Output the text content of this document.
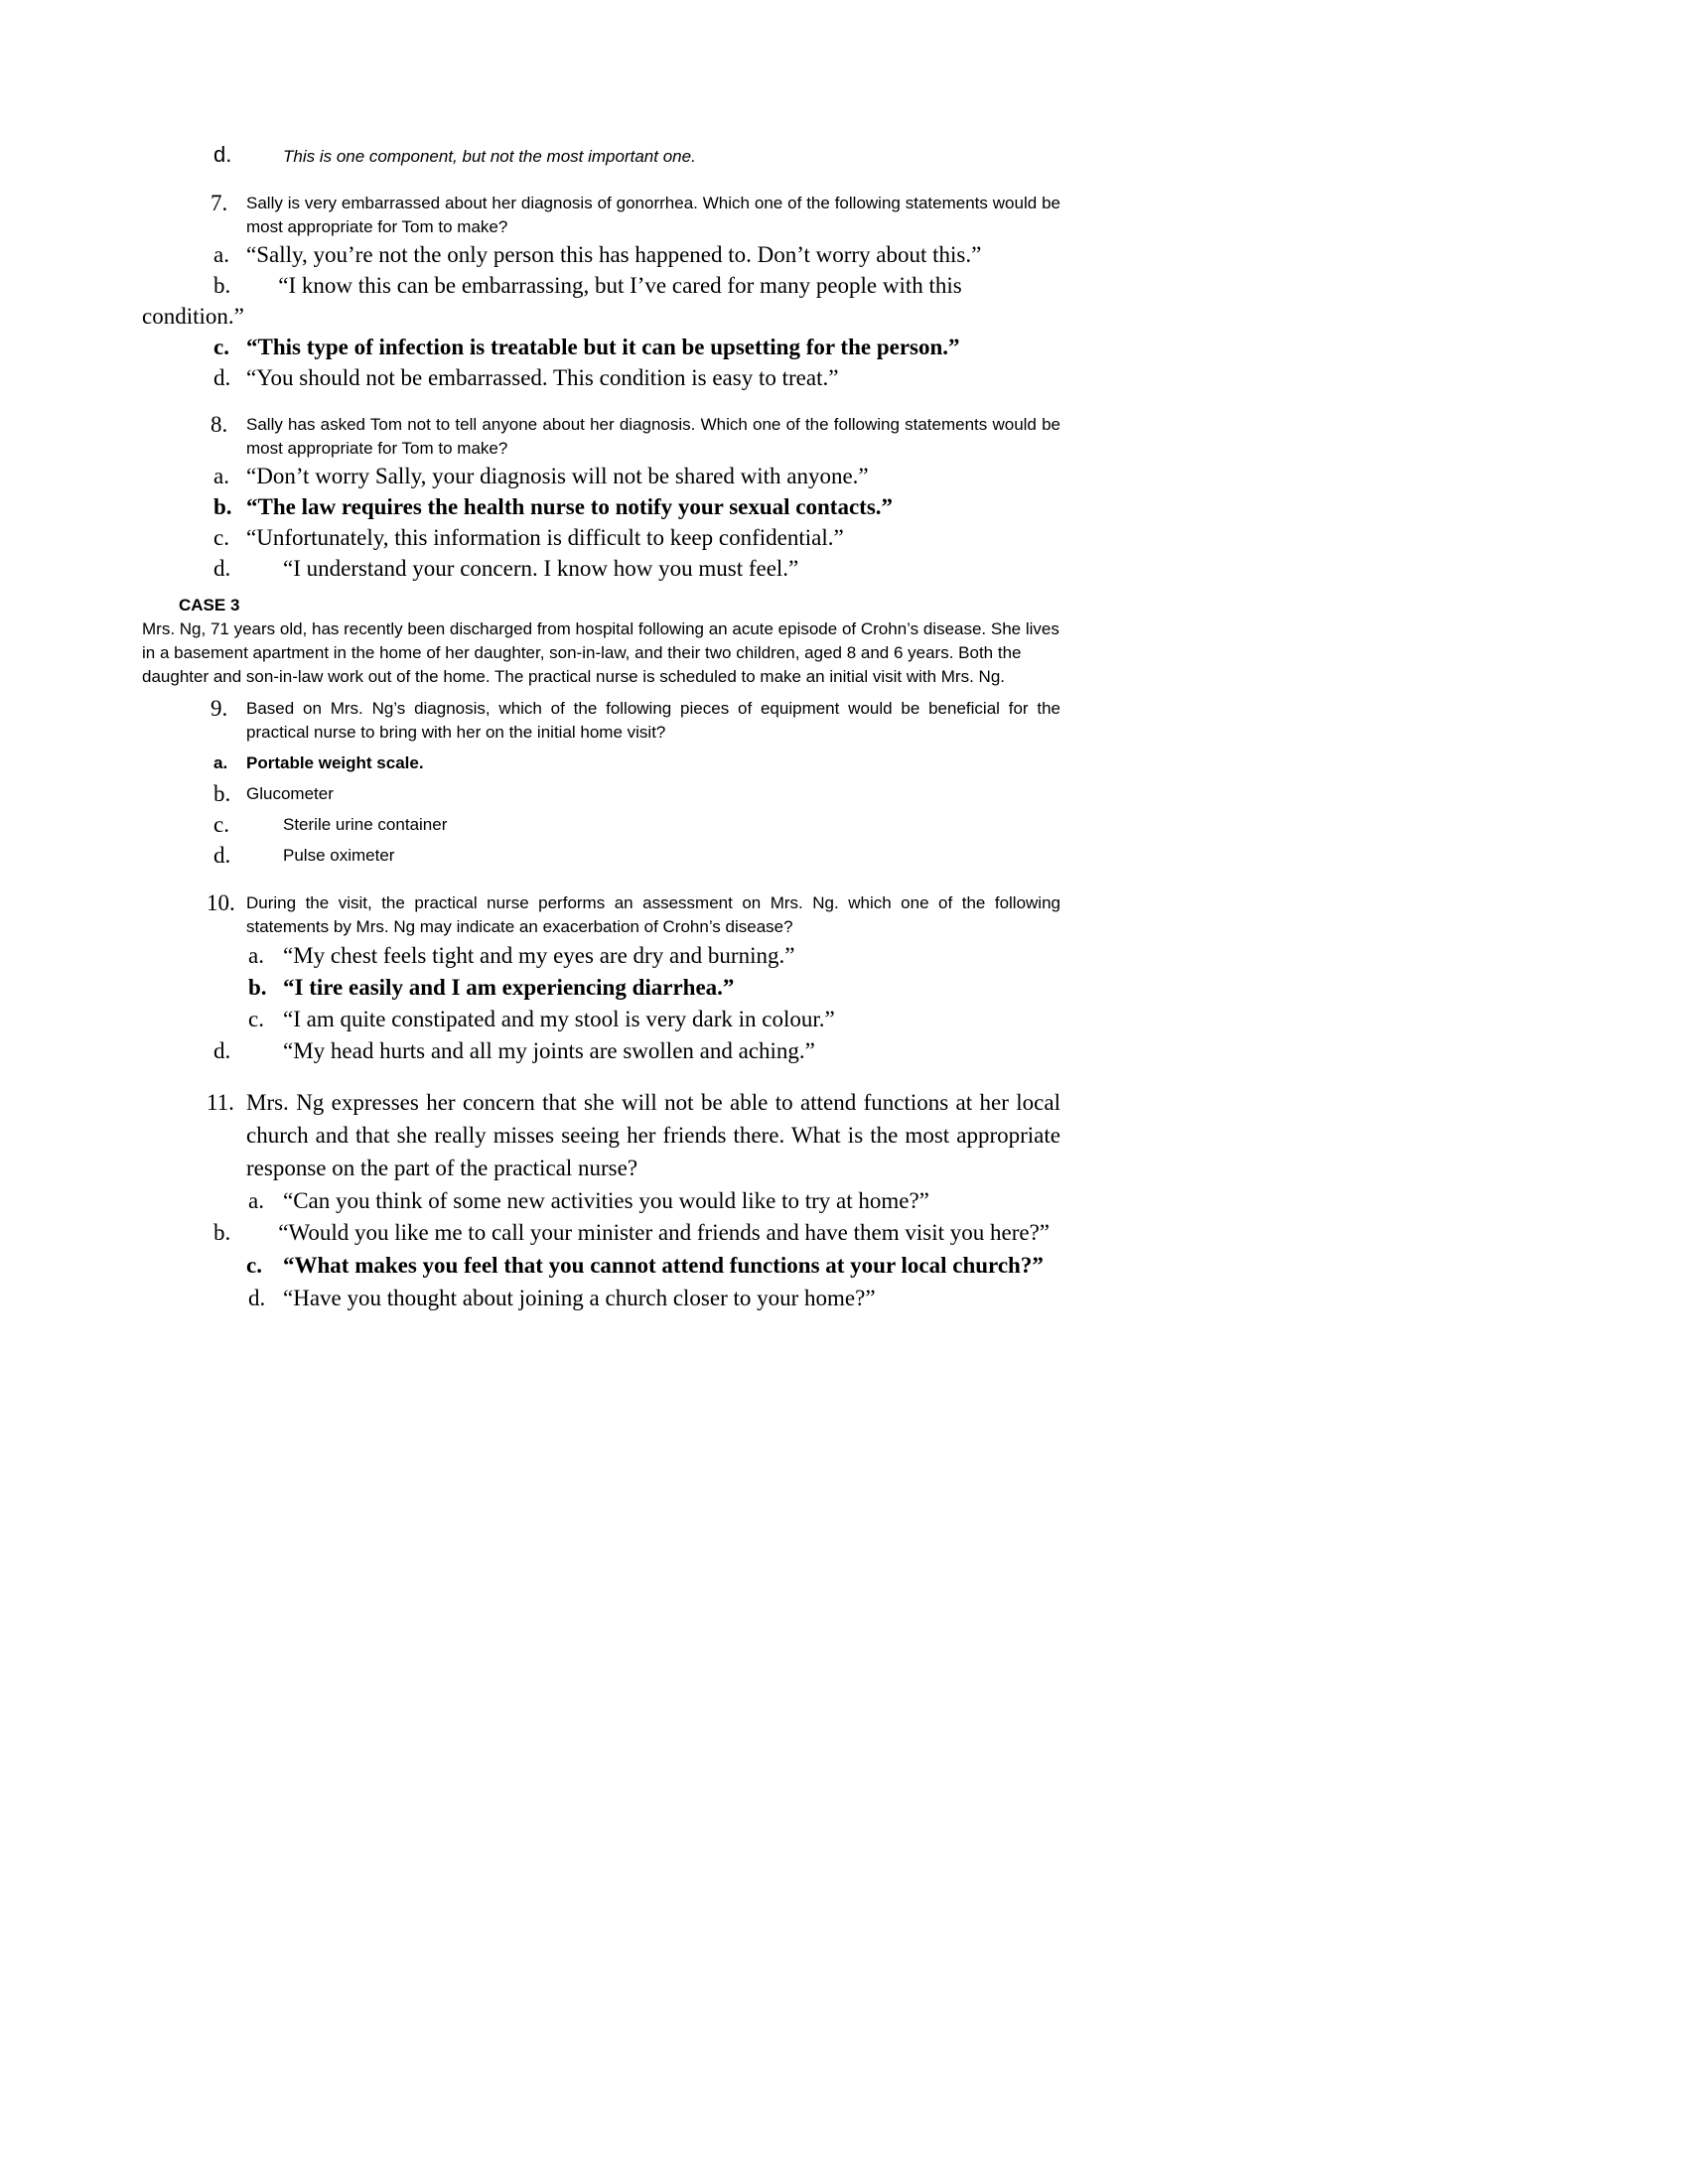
d.	This is one component, but not the most important one.
7. Sally is very embarrassed about her diagnosis of gonorrhea. Which one of the following statements would be most appropriate for Tom to make?
a. “Sally, you’re not the only person this has happened to. Don’t worry about this.”
b. “I know this can be embarrassing, but I’ve cared for many people with this condition.”
c. “This type of infection is treatable but it can be upsetting for the person.”
d. “You should not be embarrassed. This condition is easy to treat.”
8. Sally has asked Tom not to tell anyone about her diagnosis. Which one of the following statements would be most appropriate for Tom to make?
a. “Don’t worry Sally, your diagnosis will not be shared with anyone.”
b. “The law requires the health nurse to notify your sexual contacts.”
c. “Unfortunately, this information is difficult to keep confidential.”
d.	“I understand your concern. I know how you must feel.”
CASE 3
Mrs. Ng, 71 years old, has recently been discharged from hospital following an acute episode of Crohn’s disease. She lives in a basement apartment in the home of her daughter, son-in-law, and their two children, aged 8 and 6 years. Both the daughter and son-in-law work out of the home. The practical nurse is scheduled to make an initial visit with Mrs. Ng.
9. Based on Mrs. Ng’s diagnosis, which of the following pieces of equipment would be beneficial for the practical nurse to bring with her on the initial home visit?
a.	Portable weight scale.
b. Glucometer
c.	Sterile urine container
d.	Pulse oximeter
10. During the visit, the practical nurse performs an assessment on Mrs. Ng. which one of the following statements by Mrs. Ng may indicate an exacerbation of Crohn’s disease?
a. “My chest feels tight and my eyes are dry and burning.”
b. “I tire easily and I am experiencing diarrhea.”
c. “I am quite constipated and my stool is very dark in colour.”
d.	“My head hurts and all my joints are swollen and aching.”
11. Mrs. Ng expresses her concern that she will not be able to attend functions at her local church and that she really misses seeing her friends there. What is the most appropriate response on the part of the practical nurse?
a. “Can you think of some new activities you would like to try at home?”
b. “Would you like me to call your minister and friends and have them visit you here?”
c. “What makes you feel that you cannot attend functions at your local church?”
d. “Have you thought about joining a church closer to your home?”
